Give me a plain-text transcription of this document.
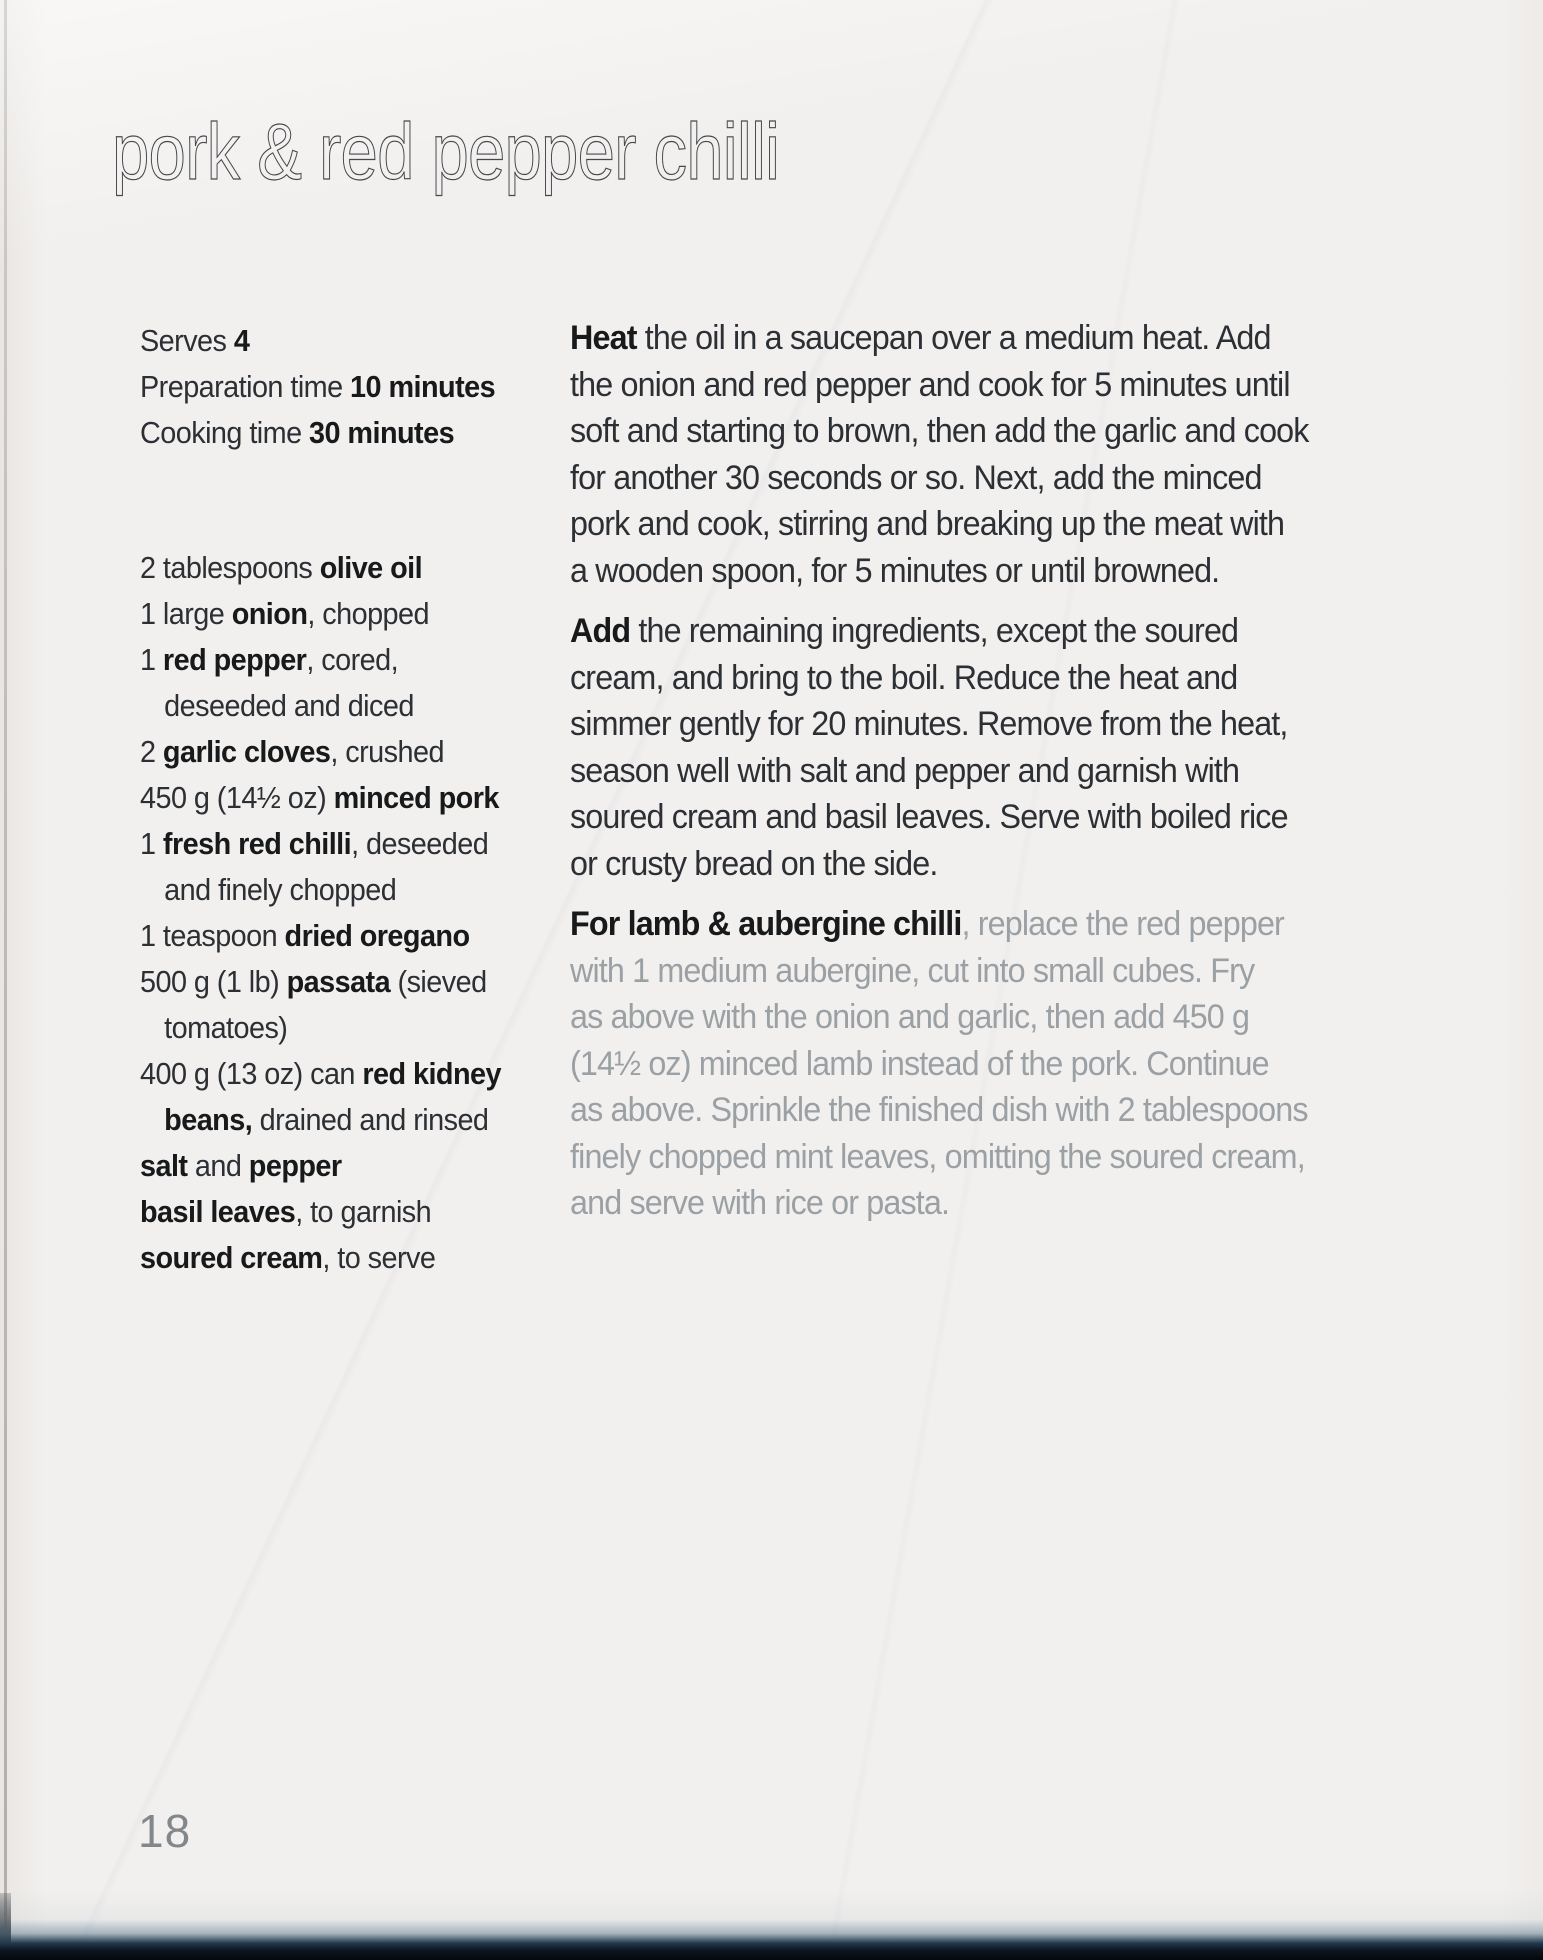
pork & red pepper chilli
Serves 4
Preparation time 10 minutes
Cooking time 30 minutes
2 tablespoons olive oil
1 large onion, chopped
1 red pepper, cored,
deseeded and diced
2 garlic cloves, crushed
450 g (14½ oz) minced pork
1 fresh red chilli, deseeded
and finely chopped
1 teaspoon dried oregano
500 g (1 lb) passata (sieved
tomatoes)
400 g (13 oz) can red kidney
beans, drained and rinsed
salt and pepper
basil leaves, to garnish
soured cream, to serve
Heat the oil in a saucepan over a medium heat. Add
the onion and red pepper and cook for 5 minutes until
soft and starting to brown, then add the garlic and cook
for another 30 seconds or so. Next, add the minced
pork and cook, stirring and breaking up the meat with
a wooden spoon, for 5 minutes or until browned.
Add the remaining ingredients, except the soured
cream, and bring to the boil. Reduce the heat and
simmer gently for 20 minutes. Remove from the heat,
season well with salt and pepper and garnish with
soured cream and basil leaves. Serve with boiled rice
or crusty bread on the side.
For lamb & aubergine chilli, replace the red pepper
with 1 medium aubergine, cut into small cubes. Fry
as above with the onion and garlic, then add 450 g
(14½ oz) minced lamb instead of the pork. Continue
as above. Sprinkle the finished dish with 2 tablespoons
finely chopped mint leaves, omitting the soured cream,
and serve with rice or pasta.
18
